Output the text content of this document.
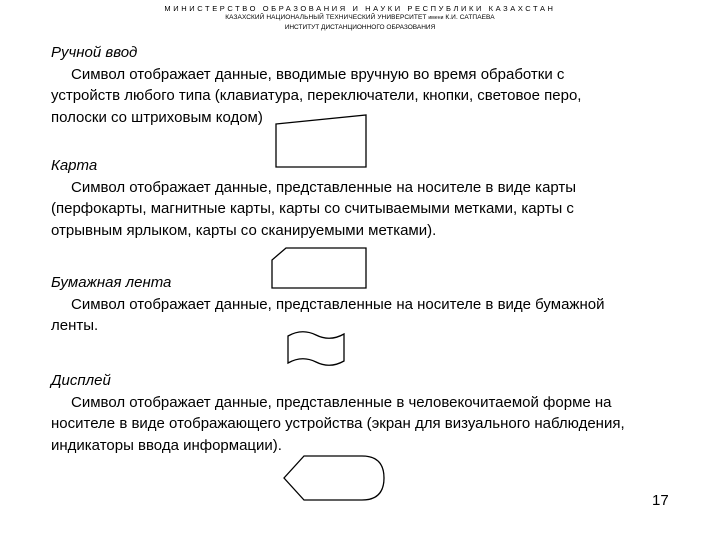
МИНИСТЕРСТВО ОБРАЗОВАНИЯ И НАУКИ РЕСПУБЛИКИ КАЗАХСТАН
КАЗАХСКИЙ НАЦИОНАЛЬНЫЙ ТЕХНИЧЕСКИЙ УНИВЕРСИТЕТ имени К.И. САТПАЕВА
ИНСТИТУТ ДИСТАНЦИОННОГО ОБРАЗОВАНИЯ
Ручной ввод
Символ отображает данные, вводимые вручную во время обработки с
устройств любого типа (клавиатура, переключатели, кнопки, световое перо,
полоски со штриховым кодом)
Карта
Символ отображает данные, представленные на носителе в виде карты
(перфокарты, магнитные карты, карты со считываемыми метками, карты с
отрывным ярлыком, карты со сканируемыми метками).
Бумажная лента
Символ отображает данные, представленные на носителе в виде бумажной
ленты.
Дисплей
Символ отображает данные, представленные в человекочитаемой форме на
носителе в виде отображающего устройства (экран для визуального наблюдения,
индикаторы ввода информации).
17
